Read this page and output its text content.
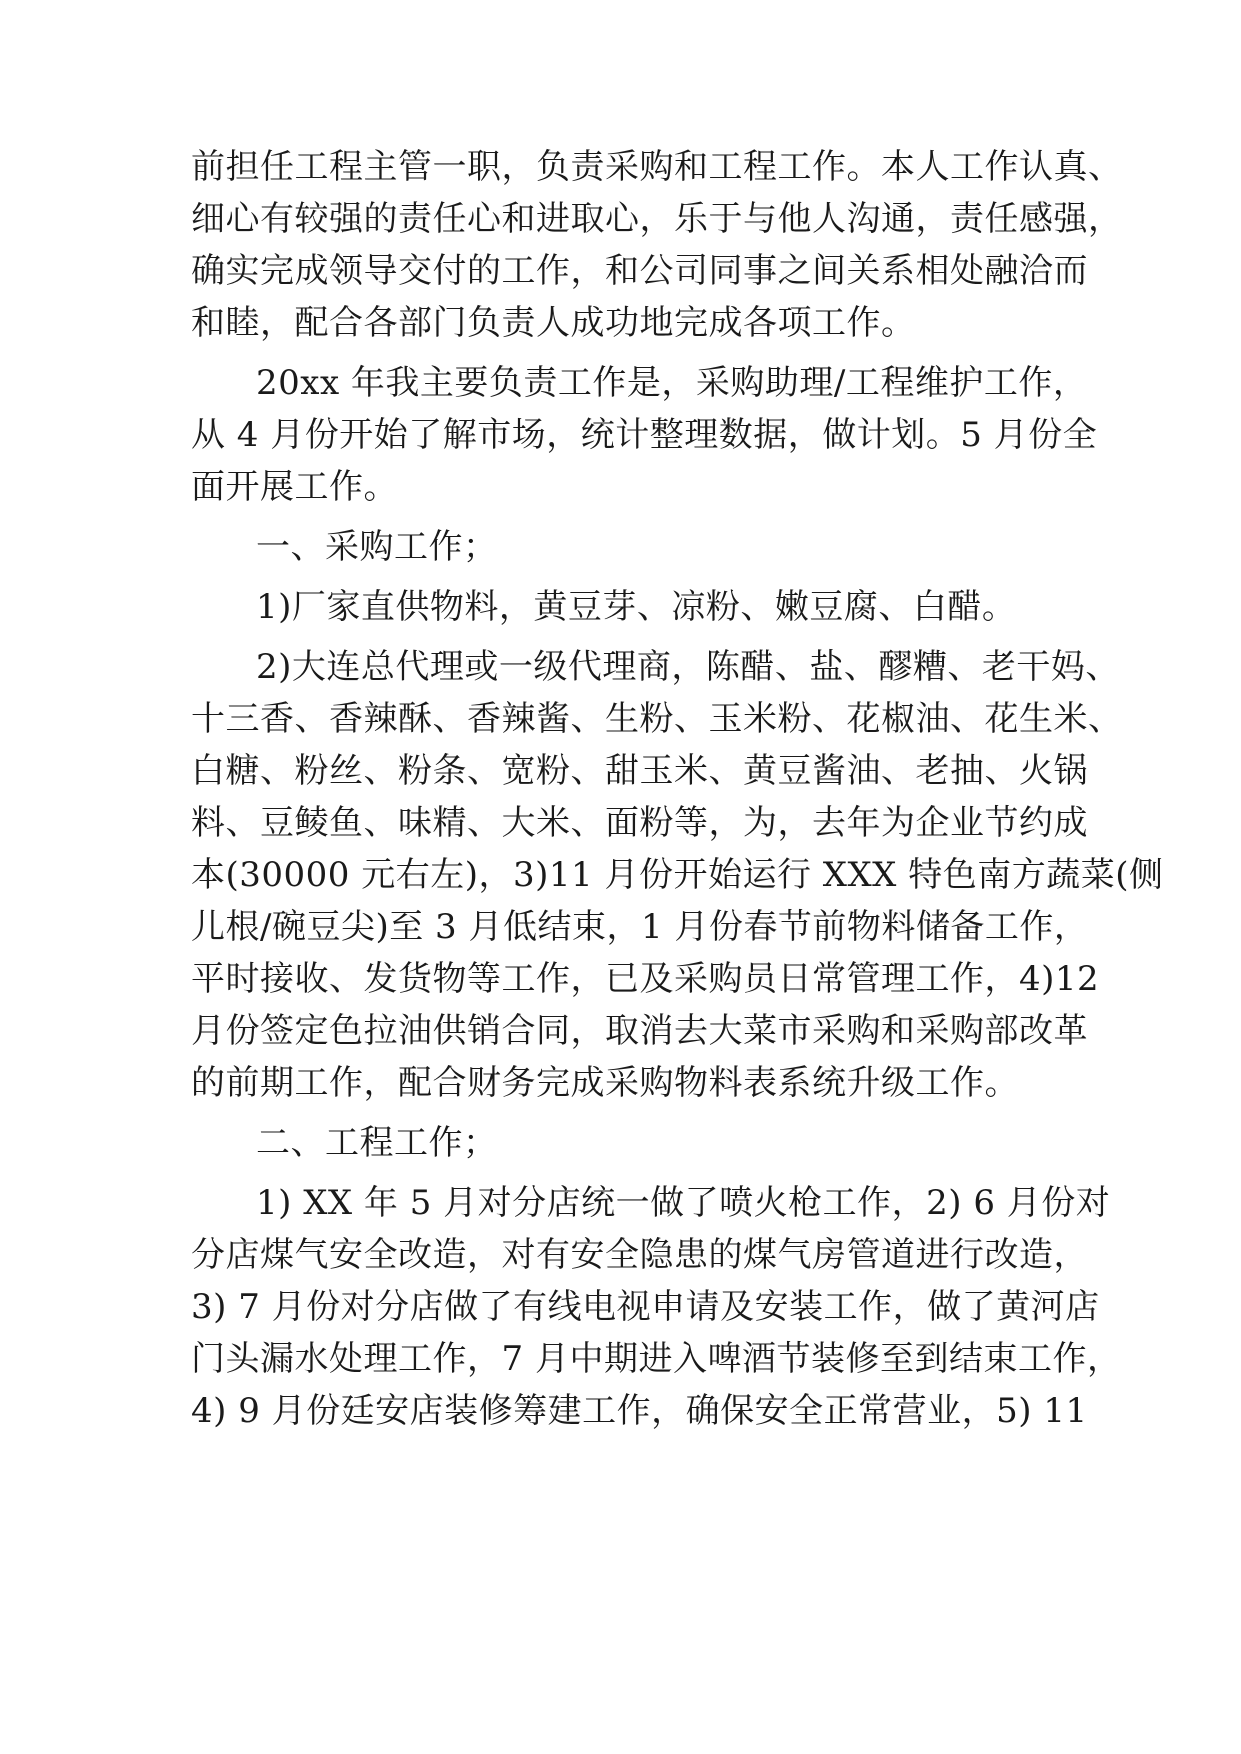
前担任工程主管一职，负责采购和工程工作。本人工作认真、
细心有较强的责任心和进取心，乐于与他人沟通，责任感强，
确实完成领导交付的工作，和公司同事之间关系相处融洽而
和睦，配合各部门负责人成功地完成各项工作。
20xx 年我主要负责工作是，采购助理/工程维护工作，
从 4 月份开始了解市场，统计整理数据，做计划。5 月份全
面开展工作。
一、采购工作；
1)厂家直供物料，黄豆芽、凉粉、嫩豆腐、白醋。
2)大连总代理或一级代理商，陈醋、盐、醪糟、老干妈、
十三香、香辣酥、香辣酱、生粉、玉米粉、花椒油、花生米、
白糖、粉丝、粉条、宽粉、甜玉米、黄豆酱油、老抽、火锅
料、豆鲮鱼、味精、大米、面粉等，为，去年为企业节约成
本(30000 元右左)，3)11 月份开始运行 XXX 特色南方蔬菜(侧
儿根/碗豆尖)至 3 月低结束，1 月份春节前物料储备工作，
平时接收、发货物等工作，已及采购员日常管理工作，4)12
月份签定色拉油供销合同，取消去大菜市采购和采购部改革
的前期工作，配合财务完成采购物料表系统升级工作。
二、工程工作；
1) XX 年 5 月对分店统一做了喷火枪工作，2) 6 月份对
分店煤气安全改造，对有安全隐患的煤气房管道进行改造，
3) 7 月份对分店做了有线电视申请及安装工作，做了黄河店
门头漏水处理工作，7 月中期进入啤酒节装修至到结束工作，
4) 9 月份廷安店装修筹建工作，确保安全正常营业，5) 11
